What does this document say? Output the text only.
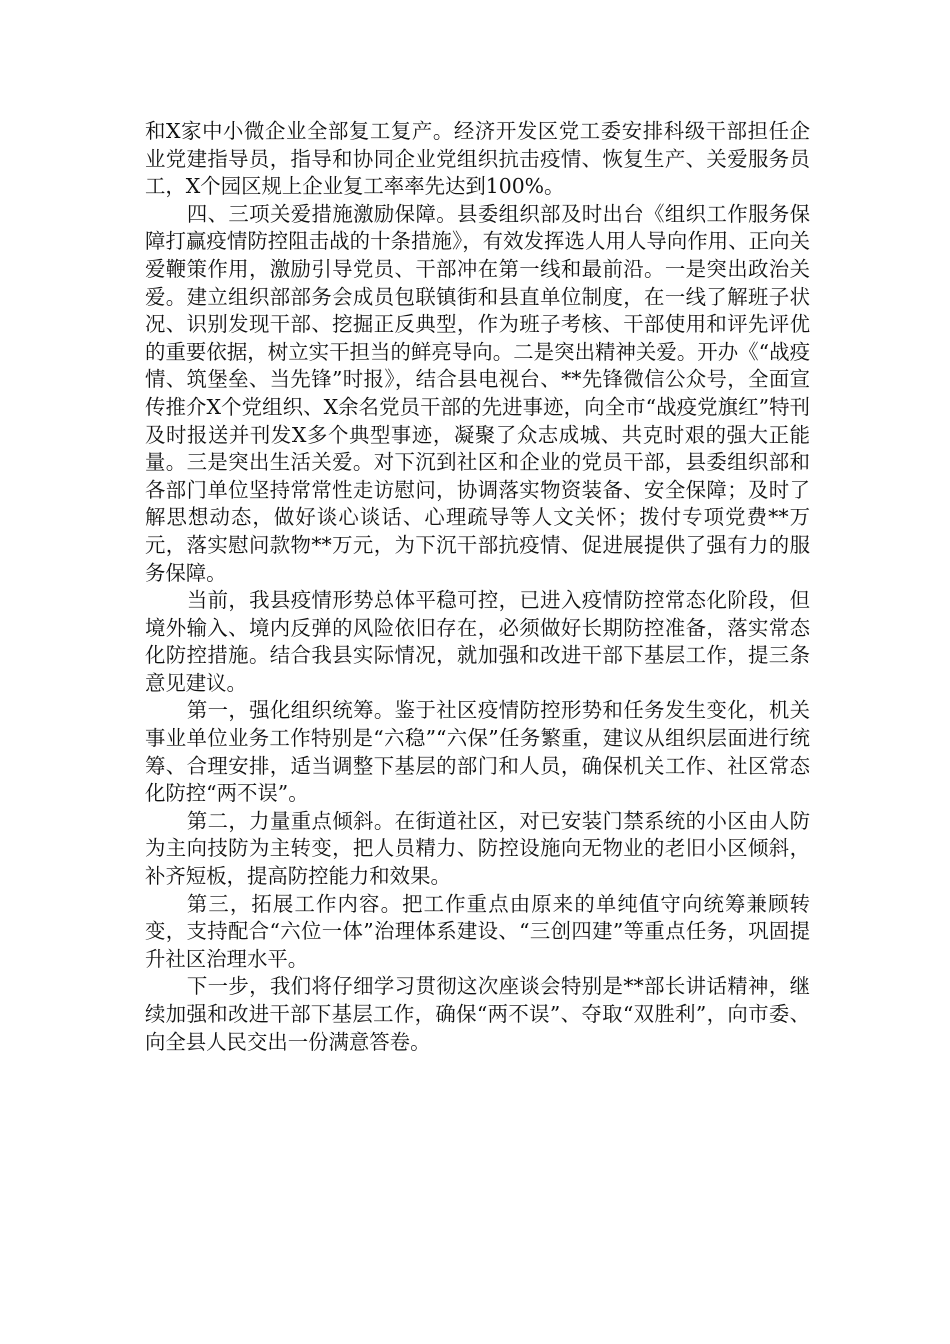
和X家中小微企业全部复工复产。经济开发区党工委安排科级干部担任企业党建指导员，指导和协同企业党组织抗击疫情、恢复生产、关爱服务员工，X个园区规上企业复工率率先达到100%。

四、三项关爱措施激励保障。县委组织部及时出台《组织工作服务保障打赢疫情防控阻击战的十条措施》，有效发挥选人用人导向作用、正向关爱鞭策作用，激励引导党员、干部冲在第一线和最前沿。一是突出政治关爱。建立组织部部务会成员包联镇街和县直单位制度，在一线了解班子状况、识别发现干部、挖掘正反典型，作为班子考核、干部使用和评先评优的重要依据，树立实干担当的鲜亮导向。二是突出精神关爱。开办《“战疫情、筑堡垒、当先锋”时报》，结合县电视台、**先锋微信公众号，全面宣传推介X个党组织、X余名党员干部的先进事迹，向全市“战疫党旗红”特刊及时报送并刊发X多个典型事迹，凝聚了众志成城、共克时艰的强大正能量。三是突出生活关爱。对下沉到社区和企业的党员干部，县委组织部和各部门单位坚持常常性走访慰问，协调落实物资装备、安全保障；及时了解思想动态，做好谈心谈话、心理疏导等人文关怀；拨付专项党费**万元，落实慰问款物**万元，为下沉干部抗疫情、促进展提供了强有力的服务保障。

当前，我县疫情形势总体平稳可控，已进入疫情防控常态化阶段，但境外输入、境内反弹的风险依旧存在，必须做好长期防控准备，落实常态化防控措施。结合我县实际情况，就加强和改进干部下基层工作，提三条意见建议。

第一，强化组织统筹。鉴于社区疫情防控形势和任务发生变化，机关事业单位业务工作特别是“六稳”“六保”任务繁重，建议从组织层面进行统筹、合理安排，适当调整下基层的部门和人员，确保机关工作、社区常态化防控“两不误”。

第二，力量重点倾斜。在街道社区，对已安装门禁系统的小区由人防为主向技防为主转变，把人员精力、防控设施向无物业的老旧小区倾斜，补齐短板，提高防控能力和效果。

第三，拓展工作内容。把工作重点由原来的单纯值守向统筹兼顾转变，支持配合“六位一体”治理体系建设、“三创四建”等重点任务，巩固提升社区治理水平。

下一步，我们将仔细学习贯彻这次座谈会特别是**部长讲话精神，继续加强和改进干部下基层工作，确保“两不误”、夺取“双胜利”，向市委、向全县人民交出一份满意答卷。
